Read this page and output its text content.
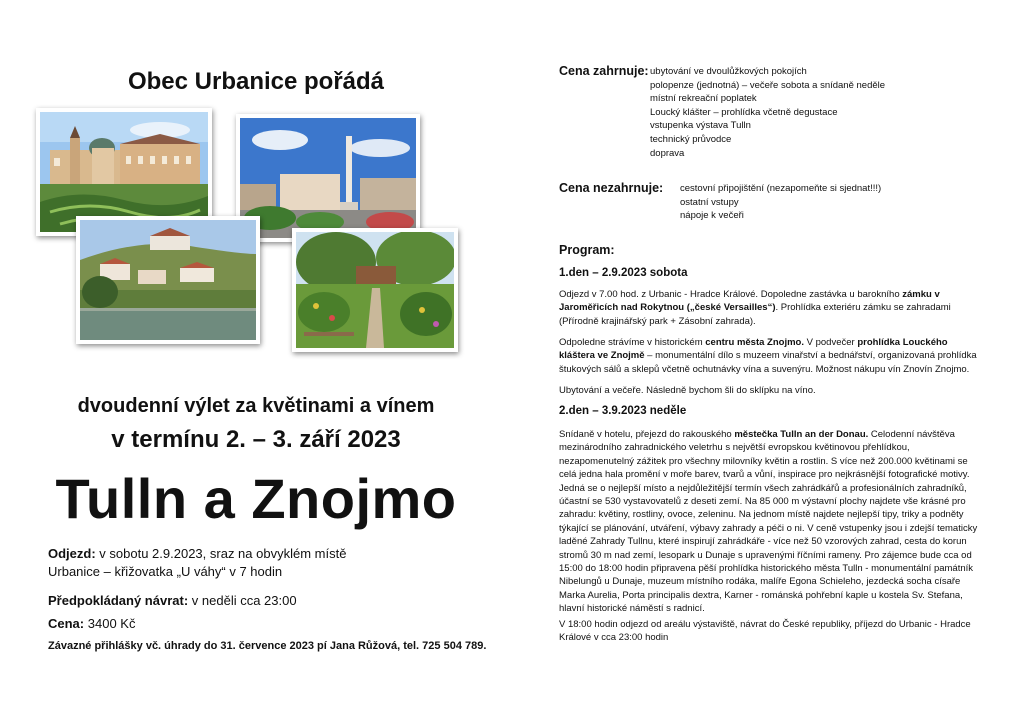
Obec Urbanice pořádá
dvoudenní výlet za květinami a vínem
v termínu 2. – 3. září 2023
Tulln a Znojmo
Odjezd: v sobotu 2.9.2023, sraz na obvyklém místě
Urbanice – křižovatka „U váhy“ v 7 hodin
Předpokládaný návrat: v neděli cca 23:00
Cena: 3400 Kč
Závazné přihlášky vč. úhrady do 31. července 2023 pí Jana Růžová, tel. 725 504 789.
Cena zahrnuje: ubytování ve dvoulůžkových pokojích
polopenze (jednotná) – večeře sobota a snídaně neděle
místní rekreační poplatek
Loucký klášter – prohlídka včetně degustace
vstupenka výstava Tulln
technický průvodce
doprava
Cena nezahrnuje: cestovní připojištění (nezapomeňte si sjednat!!!)
ostatní vstupy
nápoje k večeři
Program:
1.den – 2.9.2023 sobota
Odjezd v 7.00 hod. z Urbanic - Hradce Králové. Dopoledne zastávka u barokního zámku v Jaroměřicích nad Rokytnou („české Versailles“). Prohlídka exteriéru zámku se zahradami (Přírodně krajinářský park + Zásobní zahrada).
Odpoledne strávíme v historickém centru města Znojmo. V podvečer prohlídka Louckého kláštera ve Znojmě – monumentální dílo s muzeem vinařství a bednářství, organizovaná prohlídka štukových sálů a sklepů včetně ochutnávky vína a suvenýru. Možnost nákupu vín Znovín Znojmo.
Ubytování a večeře. Následně bychom šli do sklípku na víno.
2.den – 3.9.2023 neděle
Snídaně v hotelu, přejezd do rakouského městečka Tulln an der Donau. Celodenní návštěva mezinárodního zahradnického veletrhu s největší evropskou květinovou přehlídkou, nezapomenutelný zážitek pro všechny milovníky květin a rostlin. S více než 200.000 květinami se celá jedna hala promění v moře barev, tvarů a vůní, inspirace pro nejkrásnější fotografické motivy. Jedná se o nejlepší místo a nejdůležitější termín všech zahrádkářů a profesionálních zahradníků, účastní se 530 vystavovatelů z deseti zemí. Na 85 000 m výstavní plochy najdete vše krásné pro zahradu: květiny, rostliny, ovoce, zeleninu. Na jednom místě najdete nejlepší tipy, triky a podněty týkající se plánování, utváření, výbavy zahrady a péči o ni. V ceně vstupenky jsou i zdejší tematicky laděné Zahrady Tullnu, které inspirují zahrádkáře - více než 50 vzorových zahrad, cesta do korun stromů 30 m nad zemí, lesopark u Dunaje s upravenými říčními rameny. Pro zájemce bude cca od 15:00 do 18:00 hodin připravena pěší prohlídka historického města Tulln - monumentální památník Nibelungů u Dunaje, muzeum místního rodáka, malíře Egona Schieleho, jezdecká socha císaře Marka Aurelia, Porta principalis dextra, Karner - románská pohřební kaple u kostela Sv. Stefana, hlavní historické náměstí s radnicí.
V 18:00 hodin odjezd od areálu výstaviště, návrat do České republiky, příjezd do Urbanic - Hradce Králové v cca 23:00 hodin
